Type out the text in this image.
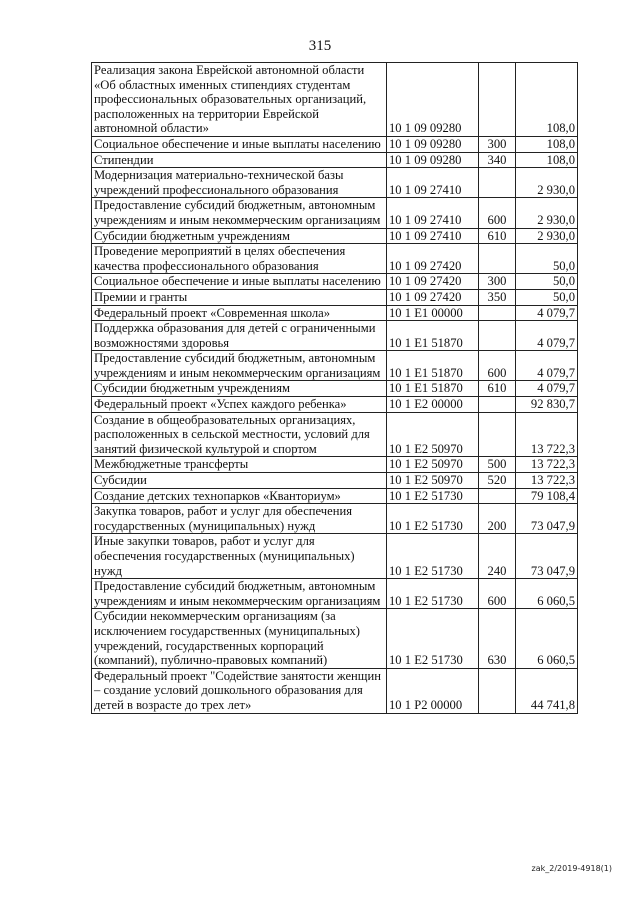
315
Реализация закона Еврейской автономной области «Об областных именных стипендиях студентам профессиональных образовательных организаций, расположенных на территории Еврейской автономной области»	10 1 09 09280		108,0
Социальное обеспечение и иные выплаты населению	10 1 09 09280	300	108,0
Стипендии	10 1 09 09280	340	108,0
Модернизация материально-технической базы учреждений профессионального образования	10 1 09 27410		2 930,0
Предоставление субсидий бюджетным, автономным учреждениям и иным некоммерческим организациям	10 1 09 27410	600	2 930,0
Субсидии бюджетным учреждениям	10 1 09 27410	610	2 930,0
Проведение мероприятий в целях обеспечения качества профессионального образования	10 1 09 27420		50,0
Социальное обеспечение и иные выплаты населению	10 1 09 27420	300	50,0
Премии и гранты	10 1 09 27420	350	50,0
Федеральный проект «Современная школа»	10 1 E1 00000		4 079,7
Поддержка образования для детей с ограниченными возможностями здоровья	10 1 E1 51870		4 079,7
Предоставление субсидий бюджетным, автономным учреждениям и иным некоммерческим организациям	10 1 E1 51870	600	4 079,7
Субсидии бюджетным учреждениям	10 1 E1 51870	610	4 079,7
Федеральный проект «Успех каждого ребенка»	10 1 E2 00000		92 830,7
Создание в общеобразовательных организациях, расположенных в сельской местности, условий для занятий физической культурой и спортом	10 1 E2 50970		13 722,3
Межбюджетные трансферты	10 1 E2 50970	500	13 722,3
Субсидии	10 1 E2 50970	520	13 722,3
Создание детских технопарков «Кванториум»	10 1 E2 51730		79 108,4
Закупка товаров, работ и услуг для обеспечения государственных (муниципальных) нужд	10 1 E2 51730	200	73 047,9
Иные закупки товаров, работ и услуг для обеспечения государственных (муниципальных) нужд	10 1 E2 51730	240	73 047,9
Предоставление субсидий бюджетным, автономным учреждениям и иным некоммерческим организациям	10 1 E2 51730	600	6 060,5
Субсидии некоммерческим организациям (за исключением государственных (муниципальных) учреждений, государственных корпораций (компаний), публично-правовых компаний)	10 1 E2 51730	630	6 060,5
Федеральный проект "Содействие занятости женщин – создание условий дошкольного образования для детей в возрасте до трех лет»	10 1 P2 00000		44 741,8
zak_2/2019-4918(1)
